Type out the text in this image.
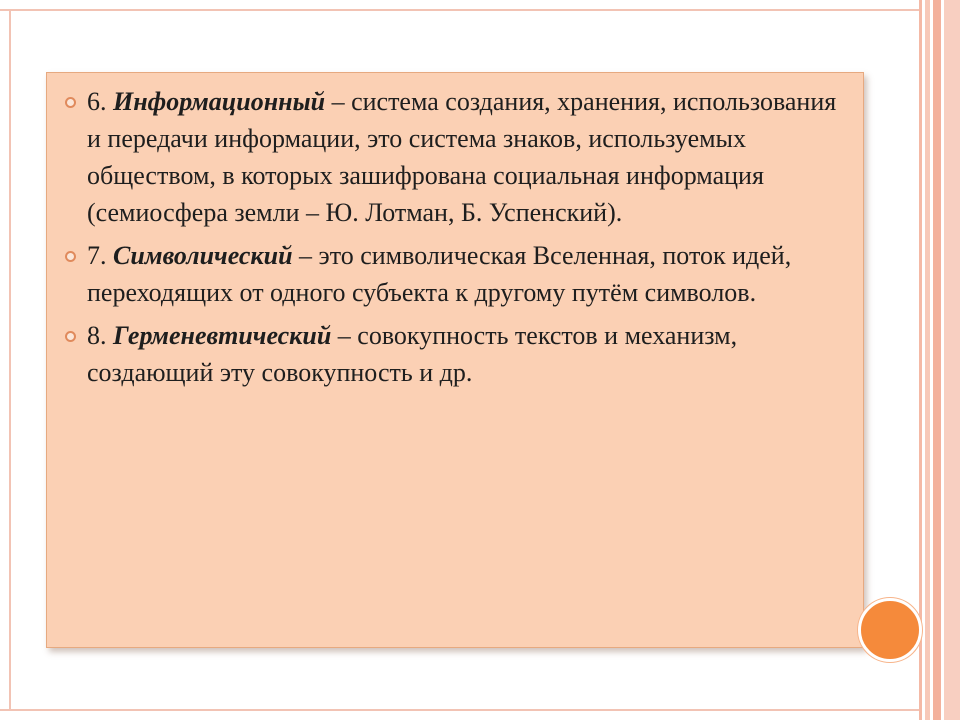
6. Информационный – система создания, хранения, использования и передачи информации, это система знаков, используемых обществом, в которых зашифрована социальная информация (семиосфера земли – Ю. Лотман, Б. Успенский).
7. Символический – это символическая Вселенная, поток идей, переходящих от одного субъекта к другому путём символов.
8. Герменевтический – совокупность текстов и механизм, создающий эту совокупность и др.
